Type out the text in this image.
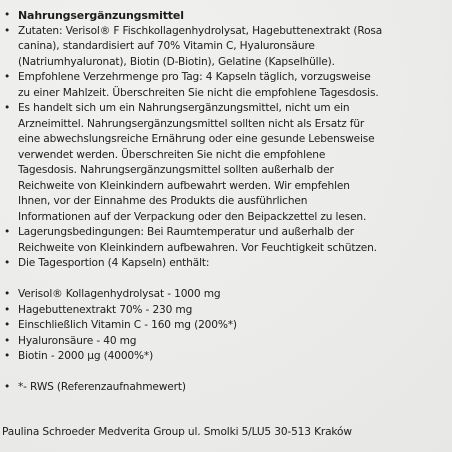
• Nahrungsergänzungsmittel
• Zutaten: Verisol® F Fischkollagenhydrolysat, Hagebuttenextrakt (Rosa
canina), standardisiert auf 70% Vitamin C, Hyaluronsäure
(Natriumhyaluronat), Biotin (D-Biotin), Gelatine (Kapselhülle).
• Empfohlene Verzehrmenge pro Tag: 4 Kapseln täglich, vorzugsweise
zu einer Mahlzeit. Überschreiten Sie nicht die empfohlene Tagesdosis.
• Es handelt sich um ein Nahrungsergänzungsmittel, nicht um ein
Arzneimittel. Nahrungsergänzungsmittel sollten nicht als Ersatz für
eine abwechslungsreiche Ernährung oder eine gesunde Lebensweise
verwendet werden. Überschreiten Sie nicht die empfohlene
Tagesdosis. Nahrungsergänzungsmittel sollten außerhalb der
Reichweite von Kleinkindern aufbewahrt werden. Wir empfehlen
Ihnen, vor der Einnahme des Produkts die ausführlichen
Informationen auf der Verpackung oder den Beipackzettel zu lesen.
• Lagerungsbedingungen: Bei Raumtemperatur und außerhalb der
Reichweite von Kleinkindern aufbewahren. Vor Feuchtigkeit schützen.
• Die Tagesportion (4 Kapseln) enthält:
• Verisol® Kollagenhydrolysat - 1000 mg
• Hagebuttenextrakt 70% - 230 mg
• Einschließlich Vitamin C - 160 mg (200%*)
• Hyaluronsäure - 40 mg
• Biotin - 2000 µg (4000%*)
• *- RWS (Referenzaufnahmewert)
Paulina Schroeder Medverita Group ul. Smolki 5/LU5 30-513 Kraków
